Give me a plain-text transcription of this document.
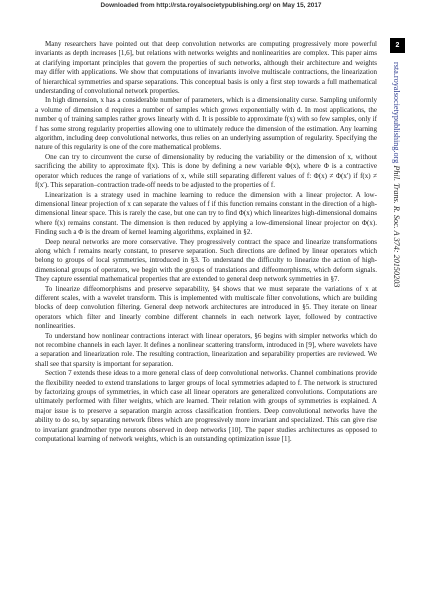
Downloaded from http://rsta.royalsocietypublishing.org/ on May 15, 2017
2
rsta.royalsocietypublishing.org Phil. Trans. R. Soc. A 374: 20150203

Many researchers have pointed out that deep convolution networks are computing progressively more powerful invariants as depth increases [1,6], but relations with networks weights and nonlinearities are complex. This paper aims at clarifying important principles that govern the properties of such networks, although their architecture and weights may differ with applications. We show that computations of invariants involve multiscale contractions, the linearization of hierarchical symmetries and sparse separations. This conceptual basis is only a first step towards a full mathematical understanding of convolutional network properties.

In high dimension, x has a considerable number of parameters, which is a dimensionality curse. Sampling uniformly a volume of dimension d requires a number of samples which grows exponentially with d. In most applications, the number q of training samples rather grows linearly with d. It is possible to approximate f(x) with so few samples, only if f has some strong regularity properties allowing one to ultimately reduce the dimension of the estimation. Any learning algorithm, including deep convolutional networks, thus relies on an underlying assumption of regularity. Specifying the nature of this regularity is one of the core mathematical problems.

One can try to circumvent the curse of dimensionality by reducing the variability or the dimension of x, without sacrificing the ability to approximate f(x). This is done by defining a new variable Φ(x), where Φ is a contractive operator which reduces the range of variations of x, while still separating different values of f: Φ(x) ≠ Φ(x′) if f(x) ≠ f(x′). This separation–contraction trade-off needs to be adjusted to the properties of f.

Linearization is a strategy used in machine learning to reduce the dimension with a linear projector. A low-dimensional linear projection of x can separate the values of f if this function remains constant in the direction of a high-dimensional linear space. This is rarely the case, but one can try to find Φ(x) which linearizes high-dimensional domains where f(x) remains constant. The dimension is then reduced by applying a low-dimensional linear projector on Φ(x). Finding such a Φ is the dream of kernel learning algorithms, explained in §2.

Deep neural networks are more conservative. They progressively contract the space and linearize transformations along which f remains nearly constant, to preserve separation. Such directions are defined by linear operators which belong to groups of local symmetries, introduced in §3. To understand the difficulty to linearize the action of high-dimensional groups of operators, we begin with the groups of translations and diffeomorphisms, which deform signals. They capture essential mathematical properties that are extended to general deep network symmetries in §7.

To linearize diffeomorphisms and preserve separability, §4 shows that we must separate the variations of x at different scales, with a wavelet transform. This is implemented with multiscale filter convolutions, which are building blocks of deep convolution filtering. General deep network architectures are introduced in §5. They iterate on linear operators which filter and linearly combine different channels in each network layer, followed by contractive nonlinearities.

To understand how nonlinear contractions interact with linear operators, §6 begins with simpler networks which do not recombine channels in each layer. It defines a nonlinear scattering transform, introduced in [9], where wavelets have a separation and linearization role. The resulting contraction, linearization and separability properties are reviewed. We shall see that sparsity is important for separation.

Section 7 extends these ideas to a more general class of deep convolutional networks. Channel combinations provide the flexibility needed to extend translations to larger groups of local symmetries adapted to f. The network is structured by factorizing groups of symmetries, in which case all linear operators are generalized convolutions. Computations are ultimately performed with filter weights, which are learned. Their relation with groups of symmetries is explained. A major issue is to preserve a separation margin across classification frontiers. Deep convolutional networks have the ability to do so, by separating network fibres which are progressively more invariant and specialized. This can give rise to invariant grandmother type neurons observed in deep networks [10]. The paper studies architectures as opposed to computational learning of network weights, which is an outstanding optimization issue [1].
